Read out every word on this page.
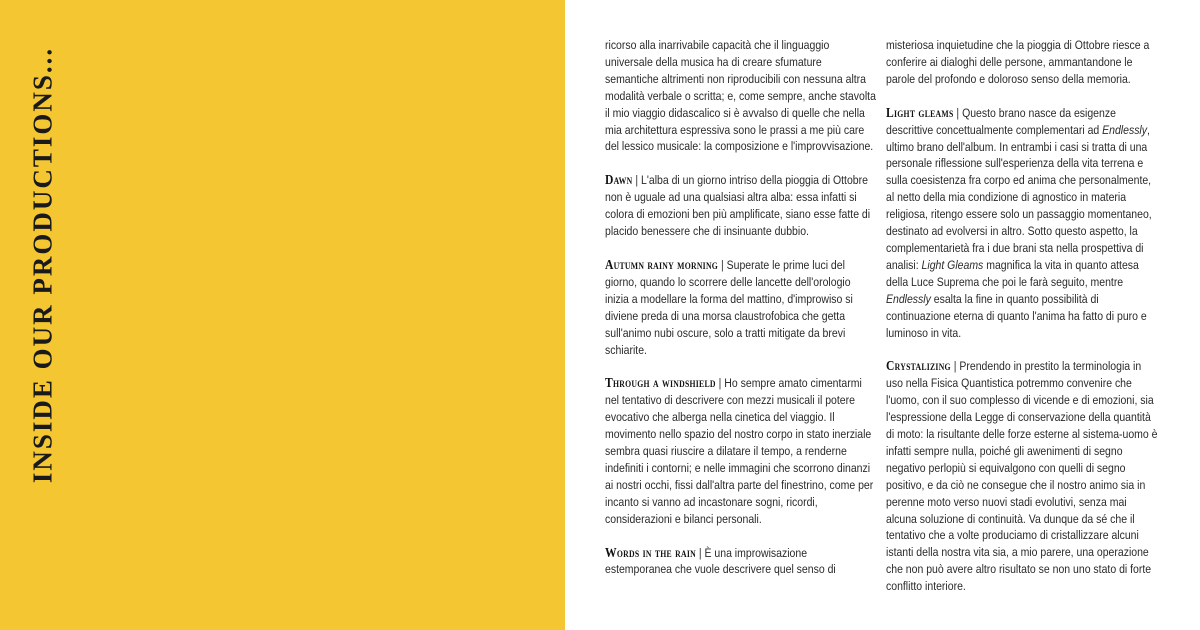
INSIDE OUR PRODUCTIONS...

ricorso alla inarrivabile capacità che il linguaggio universale della musica ha di creare sfumature semantiche altrimenti non riproducibili con nessuna altra modalità verbale o scritta; e, come sempre, anche stavolta il mio viaggio didascalico si è avvalso di quelle che nella mia architettura espressiva sono le prassi a me più care del lessico musicale: la composizione e l'improvvisazione.

Dawn | L'alba di un giorno intriso della pioggia di Ottobre non è uguale ad una qualsiasi altra alba: essa infatti si colora di emozioni ben più amplificate, siano esse fatte di placido benessere che di insinuante dubbio.

Autumn rainy morning | Superate le prime luci del giorno, quando lo scorrere delle lancette dell'orologio inizia a modellare la forma del mattino, d'improwiso si diviene preda di una morsa claustrofobica che getta sull'animo nubi oscure, solo a tratti mitigate da brevi schiarite.

Through a windshield | Ho sempre amato cimentarmi nel tentativo di descrivere con mezzi musicali il potere evocativo che alberga nella cinetica del viaggio. Il movimento nello spazio del nostro corpo in stato inerziale sembra quasi riuscire a dilatare il tempo, a renderne indefiniti i contorni; e nelle immagini che scorrono dinanzi ai nostri occhi, fissi dall'altra parte del finestrino, come per incanto si vanno ad incastonare sogni, ricordi, considerazioni e bilanci personali.

Words in the rain | È una improwisazione estemporanea che vuole descrivere quel senso di

misteriosa inquietudine che la pioggia di Ottobre riesce a conferire ai dialoghi delle persone, ammantandone le parole del profondo e doloroso senso della memoria.

Light gleams | Questo brano nasce da esigenze descrittive concettualmente complementari ad Endlessly, ultimo brano dell'album. In entrambi i casi si tratta di una personale riflessione sull'esperienza della vita terrena e sulla coesistenza fra corpo ed anima che personalmente, al netto della mia condizione di agnostico in materia religiosa, ritengo essere solo un passaggio momentaneo, destinato ad evolversi in altro. Sotto questo aspetto, la complementarietà fra i due brani sta nella prospettiva di analisi: Light Gleams magnifica la vita in quanto attesa della Luce Suprema che poi le farà seguito, mentre Endlessly esalta la fine in quanto possibilità di continuazione eterna di quanto l'anima ha fatto di puro e luminoso in vita.

Crystalizing | Prendendo in prestito la terminologia in uso nella Fisica Quantistica potremmo convenire che l'uomo, con il suo complesso di vicende e di emozioni, sia l'espressione della Legge di conservazione della quantità di moto: la risultante delle forze esterne al sistema-uomo è infatti sempre nulla, poiché gli awenimenti di segno negativo perlopiù si equivalgono con quelli di segno positivo, e da ciò ne consegue che il nostro animo sia in perenne moto verso nuovi stadi evolutivi, senza mai alcuna soluzione di continuità. Va dunque da sé che il tentativo che a volte produciamo di cristallizzare alcuni istanti della nostra vita sia, a mio parere, una operazione che non può avere altro risultato se non uno stato di forte conflitto interiore.
